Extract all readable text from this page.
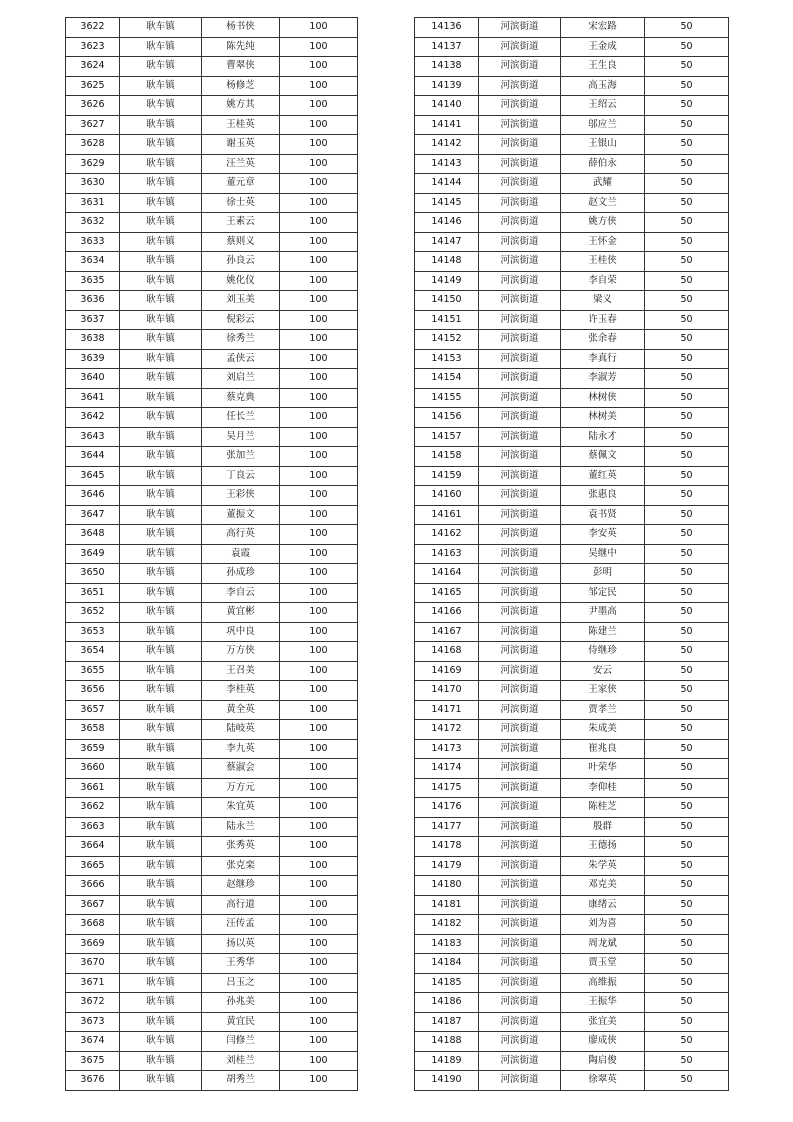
3622	耿车镇	杨书侠	100
3623	耿车镇	陈先纯	100
3624	耿车镇	曹翠侠	100
3625	耿车镇	杨修芝	100
3626	耿车镇	姚方其	100
3627	耿车镇	王桂英	100
3628	耿车镇	谢玉英	100
3629	耿车镇	汪兰英	100
3630	耿车镇	董元章	100
3631	耿车镇	徐士英	100
3632	耿车镇	王素云	100
3633	耿车镇	蔡则义	100
3634	耿车镇	孙良云	100
3635	耿车镇	姚化仪	100
3636	耿车镇	刘玉美	100
3637	耿车镇	倪彩云	100
3638	耿车镇	徐秀兰	100
3639	耿车镇	孟侠云	100
3640	耿车镇	刘启兰	100
3641	耿车镇	蔡克典	100
3642	耿车镇	任长兰	100
3643	耿车镇	吴月兰	100
3644	耿车镇	张加兰	100
3645	耿车镇	丁良云	100
3646	耿车镇	王彩侠	100
3647	耿车镇	董振文	100
3648	耿车镇	高行英	100
3649	耿车镇	袁霞	100
3650	耿车镇	孙成珍	100
3651	耿车镇	李自云	100
3652	耿车镇	黄宜彬	100
3653	耿车镇	巩中良	100
3654	耿车镇	万方侠	100
3655	耿车镇	王召美	100
3656	耿车镇	李桂英	100
3657	耿车镇	黄全英	100
3658	耿车镇	陆岐英	100
3659	耿车镇	李九英	100
3660	耿车镇	蔡淑会	100
3661	耿车镇	万方元	100
3662	耿车镇	朱宜英	100
3663	耿车镇	陆永兰	100
3664	耿车镇	张秀英	100
3665	耿车镇	张克栾	100
3666	耿车镇	赵继珍	100
3667	耿车镇	高行道	100
3668	耿车镇	汪传孟	100
3669	耿车镇	扬以英	100
3670	耿车镇	王秀华	100
3671	耿车镇	吕玉之	100
3672	耿车镇	孙兆美	100
3673	耿车镇	黄宜民	100
3674	耿车镇	闫修兰	100
3675	耿车镇	刘桂兰	100
3676	耿车镇	胡秀兰	100
14136	河滨街道	宋宏路	50
14137	河滨街道	王金成	50
14138	河滨街道	王生良	50
14139	河滨街道	高玉海	50
14140	河滨街道	王绍云	50
14141	河滨街道	邬应兰	50
14142	河滨街道	王银山	50
14143	河滨街道	薛伯永	50
14144	河滨街道	武耀	50
14145	河滨街道	赵文兰	50
14146	河滨街道	姚方侠	50
14147	河滨街道	王怀金	50
14148	河滨街道	王桂侠	50
14149	河滨街道	李自荣	50
14150	河滨街道	梁义	50
14151	河滨街道	许玉春	50
14152	河滨街道	张余春	50
14153	河滨街道	李真行	50
14154	河滨街道	李淑芳	50
14155	河滨街道	林树侠	50
14156	河滨街道	林树美	50
14157	河滨街道	陆永才	50
14158	河滨街道	蔡佩文	50
14159	河滨街道	董红英	50
14160	河滨街道	张惠良	50
14161	河滨街道	袁书贤	50
14162	河滨街道	李安英	50
14163	河滨街道	吴继中	50
14164	河滨街道	彭明	50
14165	河滨街道	邹定民	50
14166	河滨街道	尹墨高	50
14167	河滨街道	陈建兰	50
14168	河滨街道	侍继珍	50
14169	河滨街道	安云	50
14170	河滨街道	王家侠	50
14171	河滨街道	贾孝兰	50
14172	河滨街道	朱成美	50
14173	河滨街道	崔兆良	50
14174	河滨街道	叶荣华	50
14175	河滨街道	李仰桂	50
14176	河滨街道	陈桂芝	50
14177	河滨街道	殷群	50
14178	河滨街道	王德扬	50
14179	河滨街道	朱学英	50
14180	河滨街道	邓克美	50
14181	河滨街道	康绪云	50
14182	河滨街道	刘为喜	50
14183	河滨街道	周龙斌	50
14184	河滨街道	贾玉堂	50
14185	河滨街道	高维振	50
14186	河滨街道	王振华	50
14187	河滨街道	张宜美	50
14188	河滨街道	廖成侠	50
14189	河滨街道	陶启俊	50
14190	河滨街道	徐翠英	50
